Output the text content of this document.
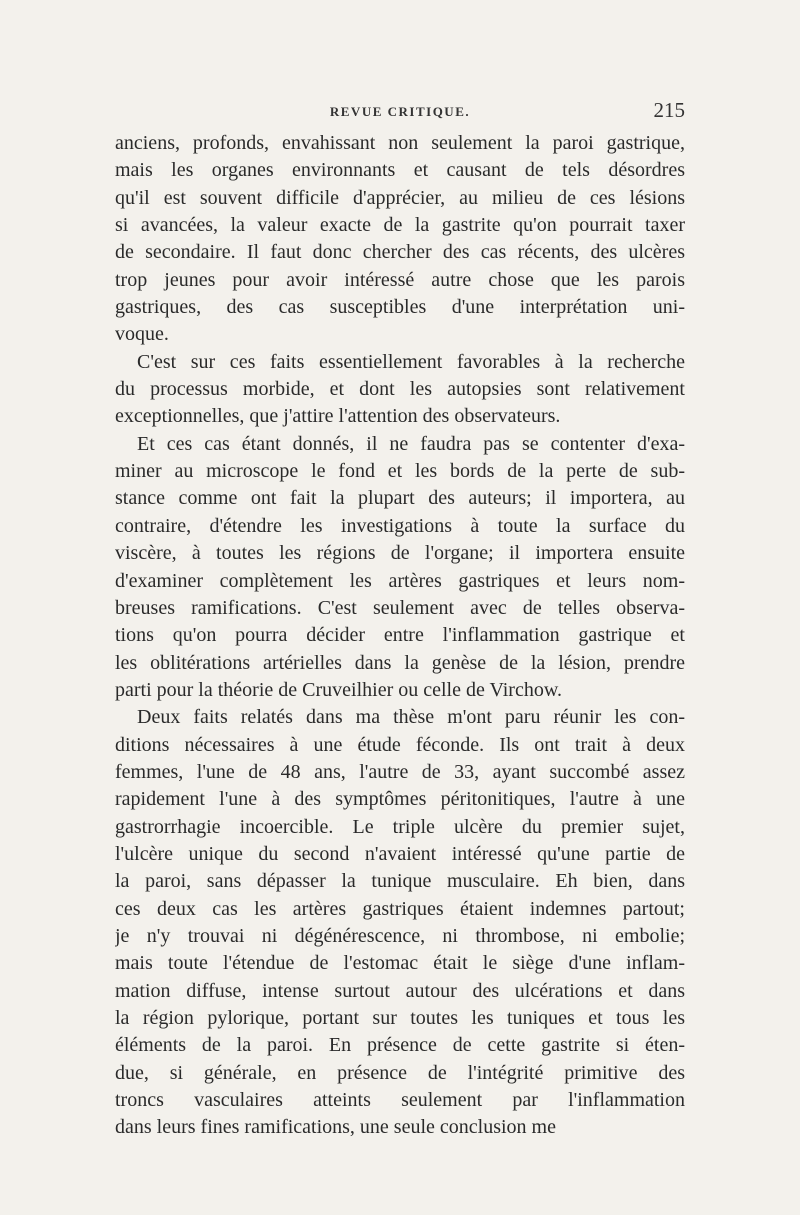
REVUE CRITIQUE.	215
anciens, profonds, envahissant non seulement la paroi gastrique,
mais les organes environnants et causant de tels désordres
qu'il est souvent difficile d'apprécier, au milieu de ces lésions
si avancées, la valeur exacte de la gastrite qu'on pourrait taxer
de secondaire. Il faut donc chercher des cas récents, des ulcères
trop jeunes pour avoir intéressé autre chose que les parois
gastriques, des cas susceptibles d'une interprétation uni-
voque.
C'est sur ces faits essentiellement favorables à la recherche
du processus morbide, et dont les autopsies sont relativement
exceptionnelles, que j'attire l'attention des observateurs.
Et ces cas étant donnés, il ne faudra pas se contenter d'exa-
miner au microscope le fond et les bords de la perte de sub-
stance comme ont fait la plupart des auteurs; il importera, au
contraire, d'étendre les investigations à toute la surface du
viscère, à toutes les régions de l'organe; il importera ensuite
d'examiner complètement les artères gastriques et leurs nom-
breuses ramifications. C'est seulement avec de telles observa-
tions qu'on pourra décider entre l'inflammation gastrique et
les oblitérations artérielles dans la genèse de la lésion, prendre
parti pour la théorie de Cruveilhier ou celle de Virchow.
Deux faits relatés dans ma thèse m'ont paru réunir les con-
ditions nécessaires à une étude féconde. Ils ont trait à deux
femmes, l'une de 48 ans, l'autre de 33, ayant succombé assez
rapidement l'une à des symptômes péritonitiques, l'autre à une
gastrorrhagie incoercible. Le triple ulcère du premier sujet,
l'ulcère unique du second n'avaient intéressé qu'une partie de
la paroi, sans dépasser la tunique musculaire. Eh bien, dans
ces deux cas les artères gastriques étaient indemnes partout;
je n'y trouvai ni dégénérescence, ni thrombose, ni embolie;
mais toute l'étendue de l'estomac était le siège d'une inflam-
mation diffuse, intense surtout autour des ulcérations et dans
la région pylorique, portant sur toutes les tuniques et tous les
éléments de la paroi. En présence de cette gastrite si éten-
due, si générale, en présence de l'intégrité primitive des
troncs vasculaires atteints seulement par l'inflammation
dans leurs fines ramifications, une seule conclusion me
